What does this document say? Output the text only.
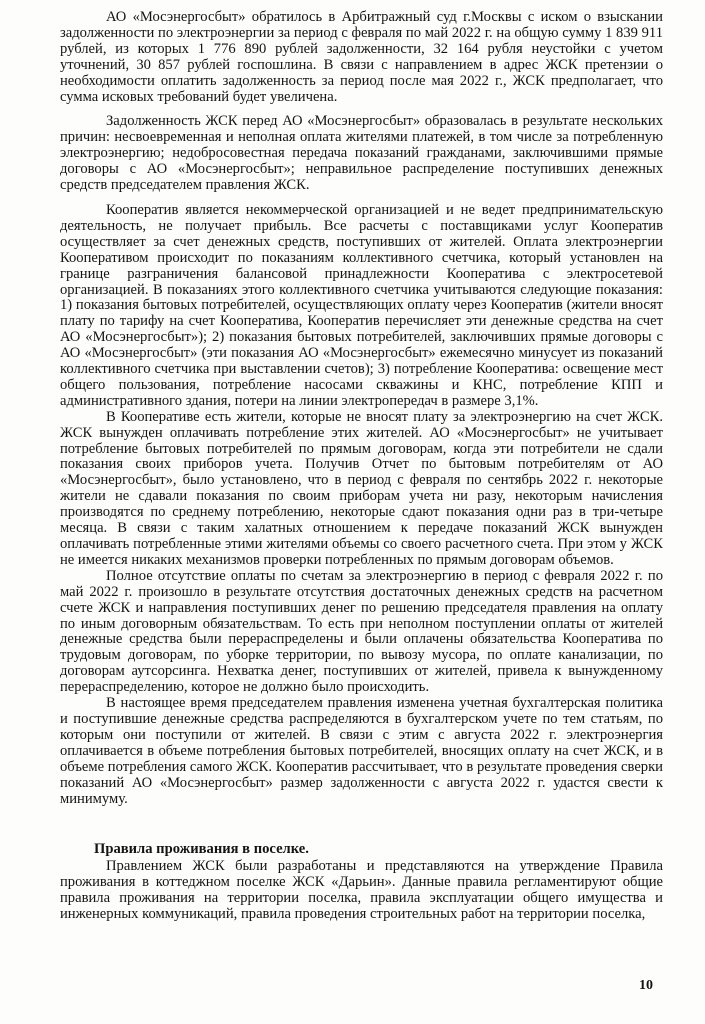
АО «Мосэнергосбыт» обратилось в Арбитражный суд г.Москвы с иском о взыскании задолженности по электроэнергии за период с февраля по май 2022 г. на общую сумму 1 839 911 рублей, из которых 1 776 890 рублей задолженности, 32 164 рубля неустойки с учетом уточнений, 30 857 рублей госпошлина. В связи с направлением в адрес ЖСК претензии о необходимости оплатить задолженность за период после мая 2022 г., ЖСК предполагает, что сумма исковых требований будет увеличена.

Задолженность ЖСК перед АО «Мосэнергосбыт» образовалась в результате нескольких причин: несвоевременная и неполная оплата жителями платежей, в том числе за потребленную электроэнергию; недобросовестная передача показаний гражданами, заключившими прямые договоры с АО «Мосэнергосбыт»; неправильное распределение поступивших денежных средств председателем правления ЖСК.

Кооператив является некоммерческой организацией и не ведет предпринимательскую деятельность, не получает прибыль. Все расчеты с поставщиками услуг Кооператив осуществляет за счет денежных средств, поступивших от жителей. Оплата электроэнергии Кооперативом происходит по показаниям коллективного счетчика, который установлен на границе разграничения балансовой принадлежности Кооператива с электросетевой организацией. В показаниях этого коллективного счетчика учитываются следующие показания: 1) показания бытовых потребителей, осуществляющих оплату через Кооператив (жители вносят плату по тарифу на счет Кооператива, Кооператив перечисляет эти денежные средства на счет АО «Мосэнергосбыт»); 2) показания бытовых потребителей, заключивших прямые договоры с АО «Мосэнергосбыт» (эти показания АО «Мосэнергосбыт» ежемесячно минусует из показаний коллективного счетчика при выставлении счетов); 3) потребление Кооператива: освещение мест общего пользования, потребление насосами скважины и КНС, потребление КПП и административного здания, потери на линии электропередач в размере 3,1%.

В Кооперативе есть жители, которые не вносят плату за электроэнергию на счет ЖСК. ЖСК вынужден оплачивать потребление этих жителей. АО «Мосэнергосбыт» не учитывает потребление бытовых потребителей по прямым договорам, когда эти потребители не сдали показания своих приборов учета. Получив Отчет по бытовым потребителям от АО «Мосэнергосбыт», было установлено, что в период с февраля по сентябрь 2022 г. некоторые жители не сдавали показания по своим приборам учета ни разу, некоторым начисления производятся по среднему потреблению, некоторые сдают показания одни раз в три-четыре месяца. В связи с таким халатных отношением к передаче показаний ЖСК вынужден оплачивать потребленные этими жителями объемы со своего расчетного счета. При этом у ЖСК не имеется никаких механизмов проверки потребленных по прямым договорам объемов.

Полное отсутствие оплаты по счетам за электроэнергию в период с февраля 2022 г. по май 2022 г. произошло в результате отсутствия достаточных денежных средств на расчетном счете ЖСК и направления поступивших денег по решению председателя правления на оплату по иным договорным обязательствам. То есть при неполном поступлении оплаты от жителей денежные средства были перераспределены и были оплачены обязательства Кооператива по трудовым договорам, по уборке территории, по вывозу мусора, по оплате канализации, по договорам аутсорсинга. Нехватка денег, поступивших от жителей, привела к вынужденному перераспределению, которое не должно было происходить.

В настоящее время председателем правления изменена учетная бухгалтерская политика и поступившие денежные средства распределяются в бухгалтерском учете по тем статьям, по которым они поступили от жителей. В связи с этим с августа 2022 г. электроэнергия оплачивается в объеме потребления бытовых потребителей, вносящих оплату на счет ЖСК, и в объеме потребления самого ЖСК. Кооператив рассчитывает, что в результате проведения сверки показаний АО «Мосэнергосбыт» размер задолженности с августа 2022 г. удастся свести к минимуму.

Правила проживания в поселке.

Правлением ЖСК были разработаны и представляются на утверждение Правила проживания в коттеджном поселке ЖСК «Дарьин». Данные правила регламентируют общие правила проживания на территории поселка, правила эксплуатации общего имущества и инженерных коммуникаций, правила проведения строительных работ на территории поселка,

10
